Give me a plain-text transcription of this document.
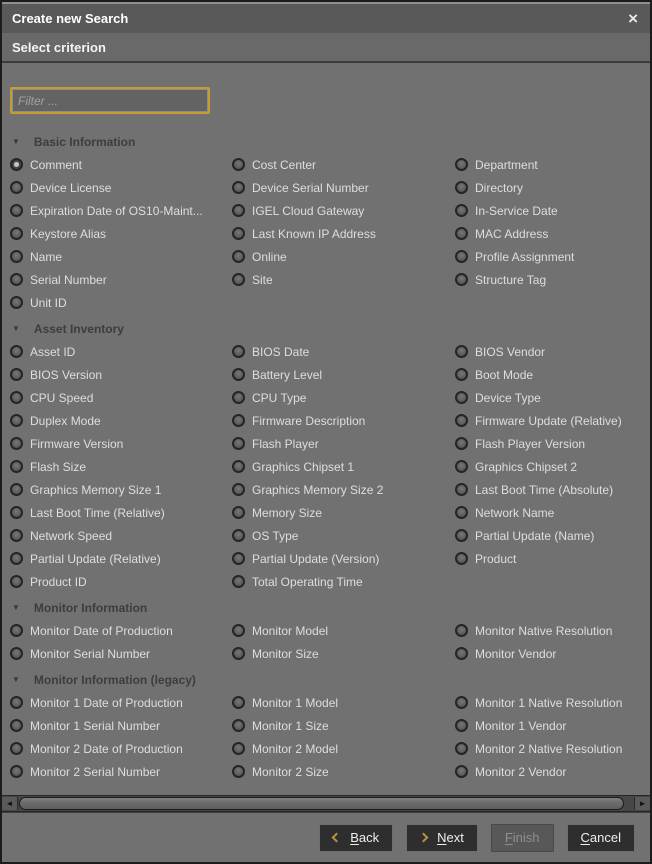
Create new Search	×
Select criterion
Filter ...
▼ Basic Information
Comment	Cost Center	Department
Device License	Device Serial Number	Directory
Expiration Date of OS10-Maint...	IGEL Cloud Gateway	In-Service Date
Keystore Alias	Last Known IP Address	MAC Address
Name	Online	Profile Assignment
Serial Number	Site	Structure Tag
Unit ID
▼ Asset Inventory
Asset ID	BIOS Date	BIOS Vendor
BIOS Version	Battery Level	Boot Mode
CPU Speed	CPU Type	Device Type
Duplex Mode	Firmware Description	Firmware Update (Relative)
Firmware Version	Flash Player	Flash Player Version
Flash Size	Graphics Chipset 1	Graphics Chipset 2
Graphics Memory Size 1	Graphics Memory Size 2	Last Boot Time (Absolute)
Last Boot Time (Relative)	Memory Size	Network Name
Network Speed	OS Type	Partial Update (Name)
Partial Update (Relative)	Partial Update (Version)	Product
Product ID	Total Operating Time
▼ Monitor Information
Monitor Date of Production	Monitor Model	Monitor Native Resolution
Monitor Serial Number	Monitor Size	Monitor Vendor
▼ Monitor Information (legacy)
Monitor 1 Date of Production	Monitor 1 Model	Monitor 1 Native Resolution
Monitor 1 Serial Number	Monitor 1 Size	Monitor 1 Vendor
Monitor 2 Date of Production	Monitor 2 Model	Monitor 2 Native Resolution
Monitor 2 Serial Number	Monitor 2 Size	Monitor 2 Vendor
◄	►
Back	Next	Finish	Cancel
